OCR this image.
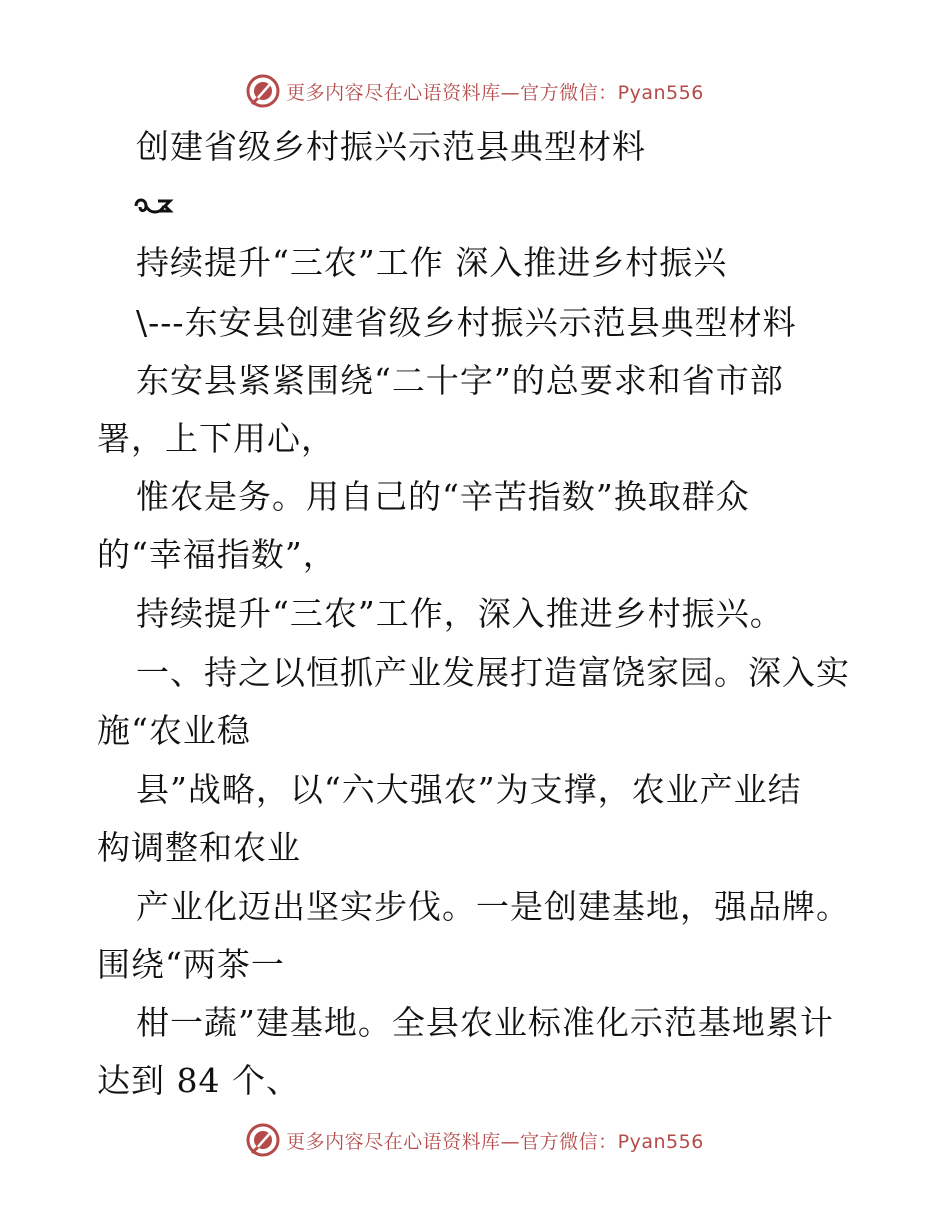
更多内容尽在心语资料库—官方微信：Pyan556
创建省级乡村振兴示范县典型材料
持续提升“三农”工作 深入推进乡村振兴
\---东安县创建省级乡村振兴示范县典型材料
东安县紧紧围绕“二十字”的总要求和省市部
署，上下用心，
惟农是务。用自己的“辛苦指数”换取群众
的“幸福指数”，
持续提升“三农”工作，深入推进乡村振兴。
一、持之以恒抓产业发展打造富饶家园。深入实
施“农业稳
县”战略，以“六大强农”为支撑，农业产业结
构调整和农业
产业化迈出坚实步伐。一是创建基地，强品牌。
围绕“两茶一
柑一蔬”建基地。全县农业标准化示范基地累计
达到 84 个、
更多内容尽在心语资料库—官方微信：Pyan556
